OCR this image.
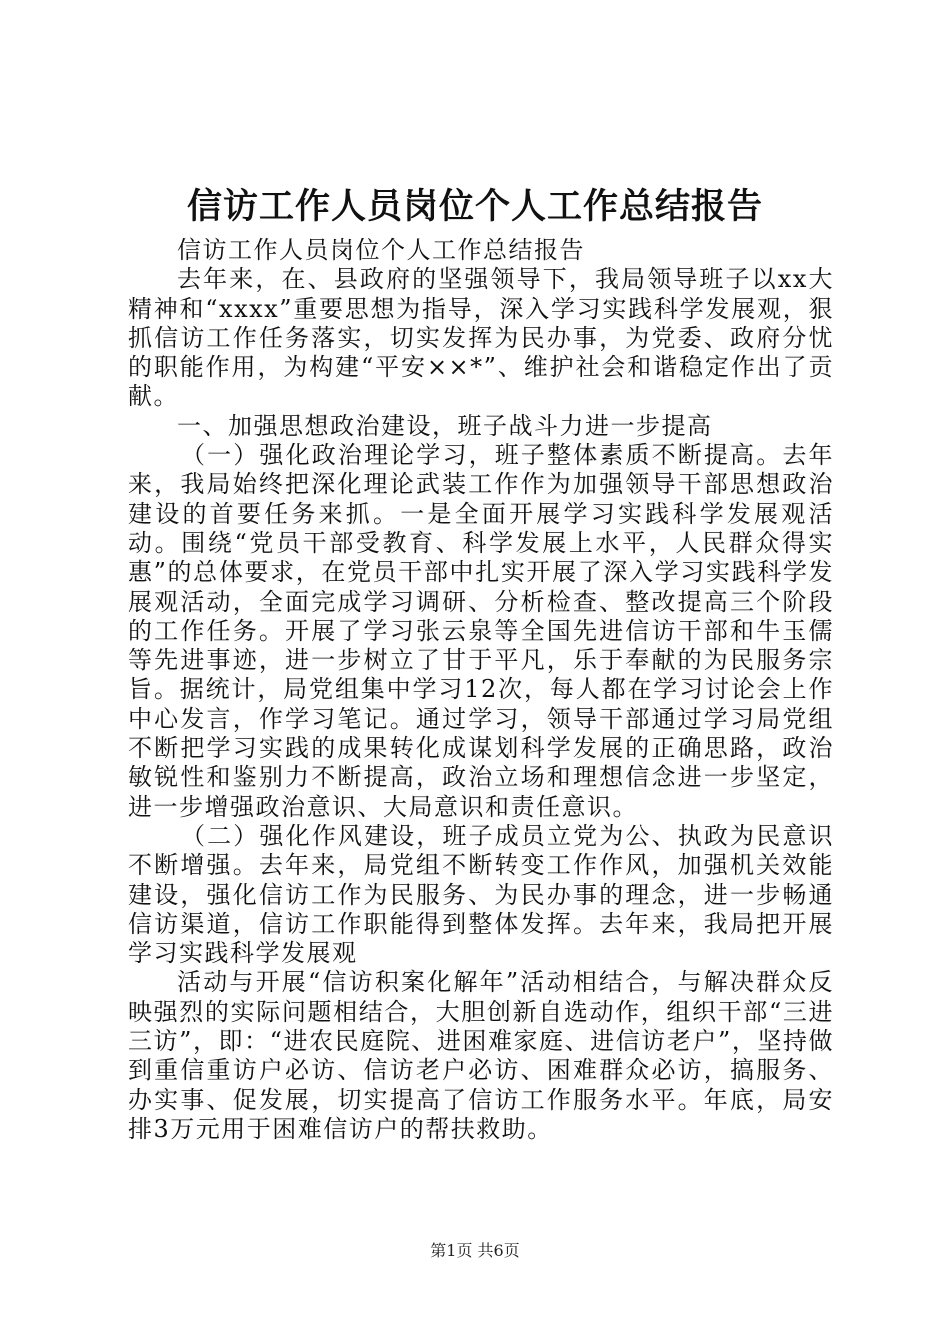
信访工作人员岗位个人工作总结报告

信访工作人员岗位个人工作总结报告

去年来，在、县政府的坚强领导下，我局领导班子以xx大精神和“xxxx”重要思想为指导，深入学习实践科学发展观，狠抓信访工作任务落实，切实发挥为民办事，为党委、政府分忧的职能作用，为构建“平安××*”、维护社会和谐稳定作出了贡献。

一、加强思想政治建设，班子战斗力进一步提高

（一）强化政治理论学习，班子整体素质不断提高。去年来，我局始终把深化理论武装工作作为加强领导干部思想政治建设的首要任务来抓。一是全面开展学习实践科学发展观活动。围绕“党员干部受教育、科学发展上水平，人民群众得实惠”的总体要求，在党员干部中扎实开展了深入学习实践科学发展观活动，全面完成学习调研、分析检查、整改提高三个阶段的工作任务。开展了学习张云泉等全国先进信访干部和牛玉儒等先进事迹，进一步树立了甘于平凡，乐于奉献的为民服务宗旨。据统计，局党组集中学习12次，每人都在学习讨论会上作中心发言，作学习笔记。通过学习，领导干部通过学习局党组不断把学习实践的成果转化成谋划科学发展的正确思路，政治敏锐性和鉴别力不断提高，政治立场和理想信念进一步坚定，进一步增强政治意识、大局意识和责任意识。

（二）强化作风建设，班子成员立党为公、执政为民意识不断增强。去年来，局党组不断转变工作作风，加强机关效能建设，强化信访工作为民服务、为民办事的理念，进一步畅通信访渠道，信访工作职能得到整体发挥。去年来，我局把开展学习实践科学发展观

活动与开展“信访积案化解年”活动相结合，与解决群众反映强烈的实际问题相结合，大胆创新自选动作，组织干部“三进三访”，即：“进农民庭院、进困难家庭、进信访老户”，坚持做到重信重访户必访、信访老户必访、困难群众必访，搞服务、办实事、促发展，切实提高了信访工作服务水平。年底，局安排3万元用于困难信访户的帮扶救助。

第1页 共6页
